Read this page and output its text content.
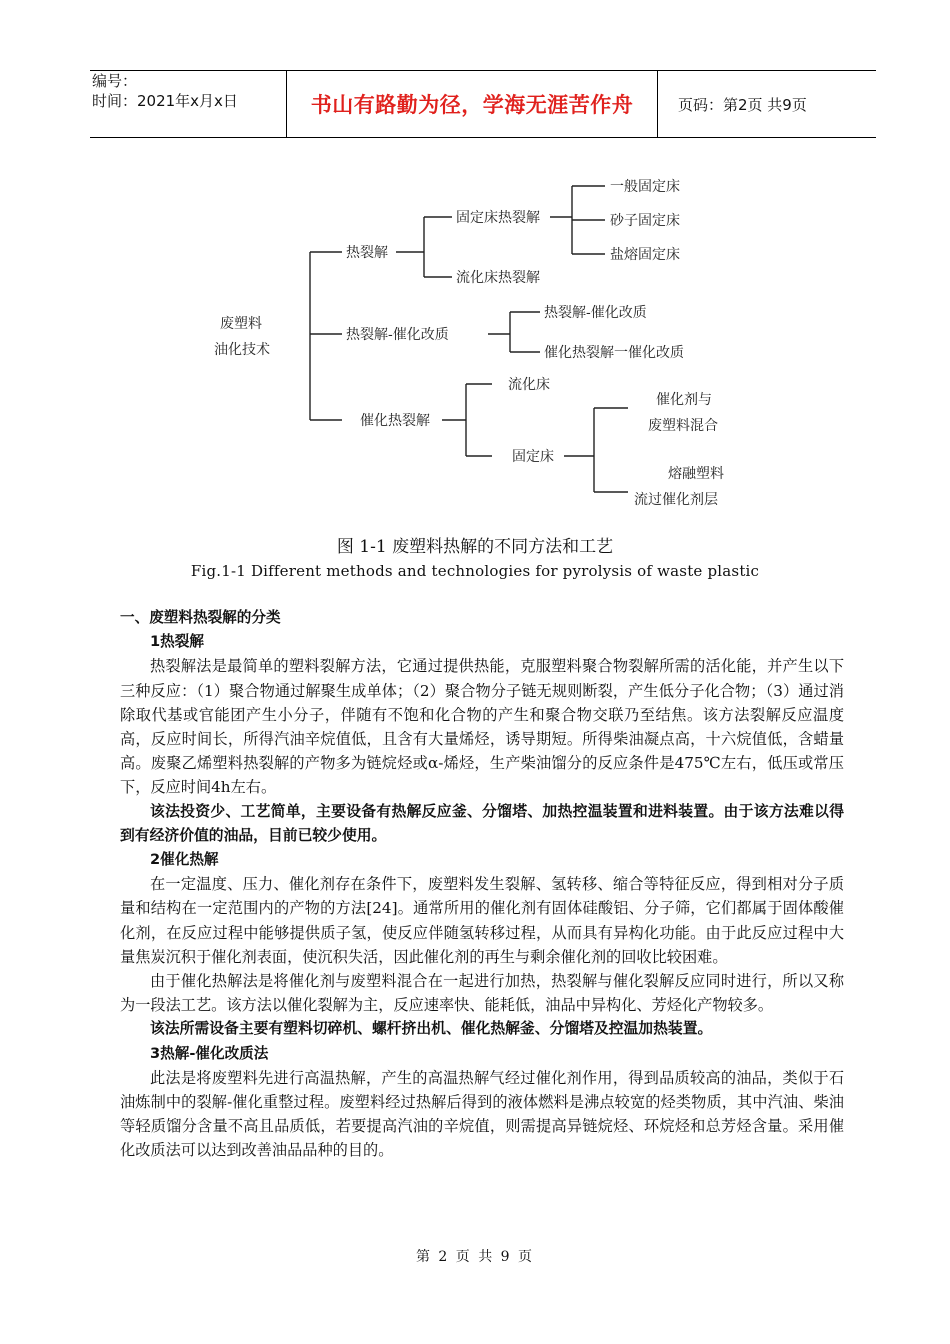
编号：
时间：2021年x月x日	书山有路勤为径，学海无涯苦作舟	页码：第2页 共9页
废塑料
油化技术
热裂解
固定床热裂解
一般固定床
砂子固定床
盐熔固定床
流化床热裂解
热裂解-催化改质
热裂解-催化改质
催化热裂解一催化改质
催化热裂解
流化床
固定床
催化剂与
废塑料混合
熔融塑料
流过催化剂层
图 1-1 废塑料热解的不同方法和工艺
Fig.1-1 Different methods and technologies for pyrolysis of waste plastic

一、废塑料热裂解的分类

1热裂解

热裂解法是最简单的塑料裂解方法，它通过提供热能，克服塑料聚合物裂解所需的活化能，并产生以下三种反应：（1）聚合物通过解聚生成单体；（2）聚合物分子链无规则断裂，产生低分子化合物；（3）通过消除取代基或官能团产生小分子，伴随有不饱和化合物的产生和聚合物交联乃至结焦。该方法裂解反应温度高，反应时间长，所得汽油辛烷值低，且含有大量烯烃，诱导期短。所得柴油凝点高，十六烷值低，含蜡量高。废聚乙烯塑料热裂解的产物多为链烷烃或α-烯烃，生产柴油馏分的反应条件是475℃左右，低压或常压下，反应时间4h左右。

该法投资少、工艺简单，主要设备有热解反应釜、分馏塔、加热控温装置和进料装置。由于该方法难以得到有经济价值的油品，目前已较少使用。

2催化热解

在一定温度、压力、催化剂存在条件下，废塑料发生裂解、氢转移、缩合等特征反应，得到相对分子质量和结构在一定范围内的产物的方法[24]。通常所用的催化剂有固体硅酸铝、分子筛，它们都属于固体酸催化剂，在反应过程中能够提供质子氢，使反应伴随氢转移过程，从而具有异构化功能。由于此反应过程中大量焦炭沉积于催化剂表面，使沉积失活，因此催化剂的再生与剩余催化剂的回收比较困难。

由于催化热解法是将催化剂与废塑料混合在一起进行加热，热裂解与催化裂解反应同时进行，所以又称为一段法工艺。该方法以催化裂解为主，反应速率快、能耗低，油品中异构化、芳烃化产物较多。

该法所需设备主要有塑料切碎机、螺杆挤出机、催化热解釜、分馏塔及控温加热装置。

3热解-催化改质法

此法是将废塑料先进行高温热解，产生的高温热解气经过催化剂作用，得到品质较高的油品，类似于石油炼制中的裂解-催化重整过程。废塑料经过热解后得到的液体燃料是沸点较宽的烃类物质，其中汽油、柴油等轻质馏分含量不高且品质低，若要提高汽油的辛烷值，则需提高异链烷烃、环烷烃和总芳烃含量。采用催化改质法可以达到改善油品品种的目的。

第 2 页 共 9 页
